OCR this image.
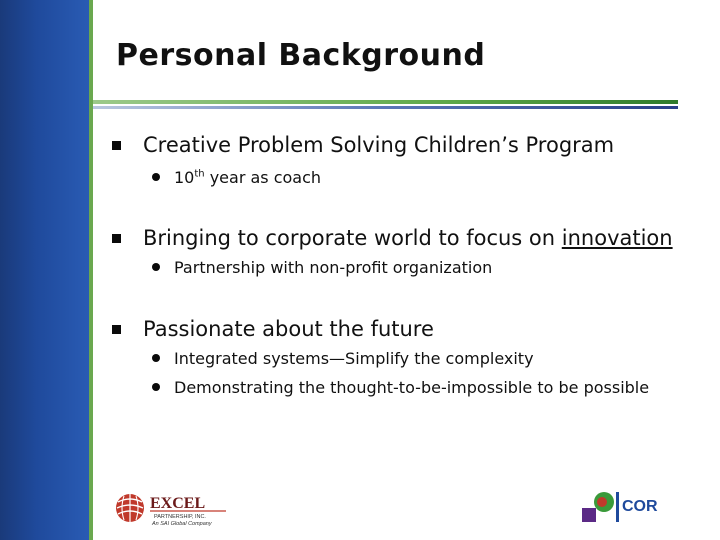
Personal Background
Creative Problem Solving Children’s Program
10th year as coach
Bringing to corporate world to focus on innovation
Partnership with non-profit organization
Passionate about the future
Integrated systems—Simplify the complexity
Demonstrating the thought-to-be-impossible to be possible
EXCEL
PARTNERSHIP, INC.
An SAI Global Company
COR
